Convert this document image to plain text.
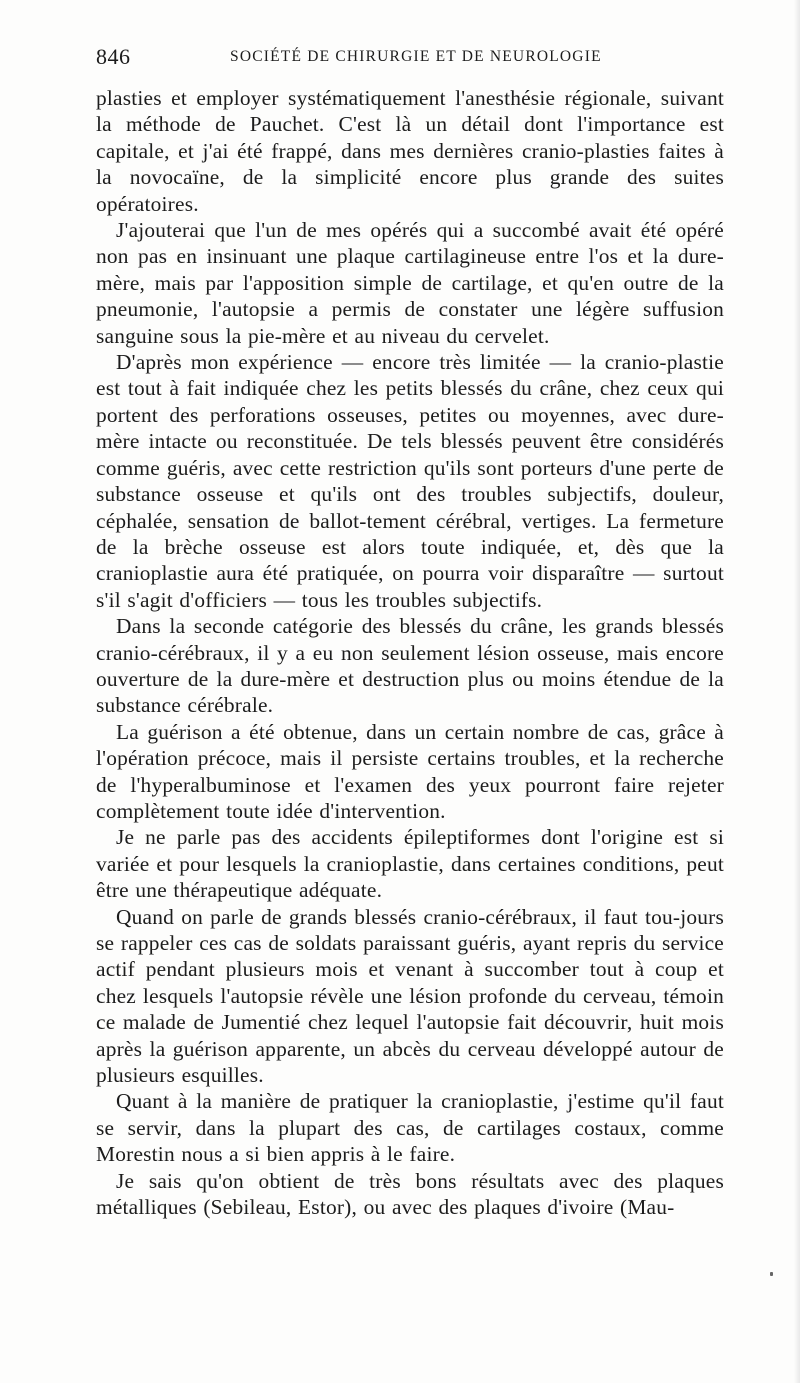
846	SOCIÉTÉ DE CHIRURGIE ET DE NEUROLOGIE

plasties et employer systématiquement l'anesthésie régionale, suivant la méthode de Pauchet. C'est là un détail dont l'importance est capitale, et j'ai été frappé, dans mes dernières cranio-plasties faites à la novocaïne, de la simplicité encore plus grande des suites opératoires.

J'ajouterai que l'un de mes opérés qui a succombé avait été opéré non pas en insinuant une plaque cartilagineuse entre l'os et la dure-mère, mais par l'apposition simple de cartilage, et qu'en outre de la pneumonie, l'autopsie a permis de constater une légère suffusion sanguine sous la pie-mère et au niveau du cervelet.

D'après mon expérience — encore très limitée — la cranio-plastie est tout à fait indiquée chez les petits blessés du crâne, chez ceux qui portent des perforations osseuses, petites ou moyennes, avec dure-mère intacte ou reconstituée. De tels blessés peuvent être considérés comme guéris, avec cette restriction qu'ils sont porteurs d'une perte de substance osseuse et qu'ils ont des troubles subjectifs, douleur, céphalée, sensation de ballot-tement cérébral, vertiges. La fermeture de la brèche osseuse est alors toute indiquée, et, dès que la cranioplastie aura été pratiquée, on pourra voir disparaître — surtout s'il s'agit d'officiers — tous les troubles subjectifs.

Dans la seconde catégorie des blessés du crâne, les grands blessés cranio-cérébraux, il y a eu non seulement lésion osseuse, mais encore ouverture de la dure-mère et destruction plus ou moins étendue de la substance cérébrale.

La guérison a été obtenue, dans un certain nombre de cas, grâce à l'opération précoce, mais il persiste certains troubles, et la recherche de l'hyperalbuminose et l'examen des yeux pourront faire rejeter complètement toute idée d'intervention.

Je ne parle pas des accidents épileptiformes dont l'origine est si variée et pour lesquels la cranioplastie, dans certaines conditions, peut être une thérapeutique adéquate.

Quand on parle de grands blessés cranio-cérébraux, il faut tou-jours se rappeler ces cas de soldats paraissant guéris, ayant repris du service actif pendant plusieurs mois et venant à succomber tout à coup et chez lesquels l'autopsie révèle une lésion profonde du cerveau, témoin ce malade de Jumentié chez lequel l'autopsie fait découvrir, huit mois après la guérison apparente, un abcès du cerveau développé autour de plusieurs esquilles.

Quant à la manière de pratiquer la cranioplastie, j'estime qu'il faut se servir, dans la plupart des cas, de cartilages costaux, comme Morestin nous a si bien appris à le faire.

Je sais qu'on obtient de très bons résultats avec des plaques métalliques (Sebileau, Estor), ou avec des plaques d'ivoire (Mau-
